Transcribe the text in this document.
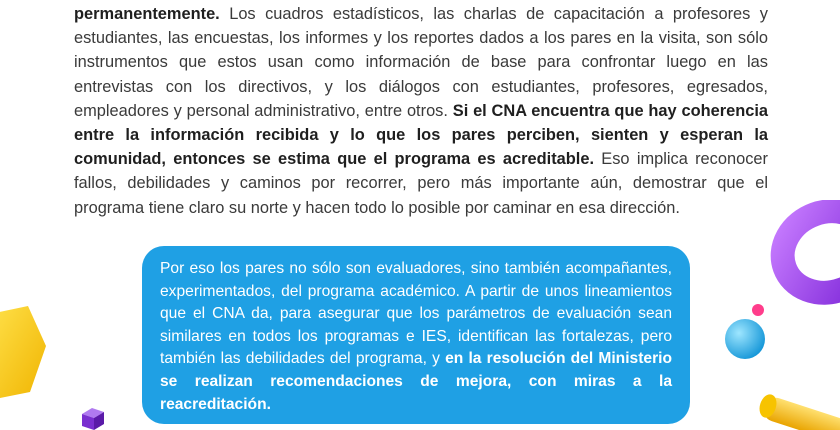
permanentemente. Los cuadros estadísticos, las charlas de capacitación a profesores y estudiantes, las encuestas, los informes y los reportes dados a los pares en la visita, son sólo instrumentos que estos usan como información de base para confrontar luego en las entrevistas con los directivos, y los diálogos con estudiantes, profesores, egresados, empleadores y personal administrativo, entre otros. Si el CNA encuentra que hay coherencia entre la información recibida y lo que los pares perciben, sienten y esperan la comunidad, entonces se estima que el programa es acreditable. Eso implica reconocer fallos, debilidades y caminos por recorrer, pero más importante aún, demostrar que el programa tiene claro su norte y hacen todo lo posible por caminar en esa dirección.

Por eso los pares no sólo son evaluadores, sino también acompañantes, experimentados, del programa académico. A partir de unos lineamientos que el CNA da, para asegurar que los parámetros de evaluación sean similares en todos los programas e IES, identifican las fortalezas, pero también las debilidades del programa, y en la resolución del Ministerio se realizan recomendaciones de mejora, con miras a la reacreditación.
